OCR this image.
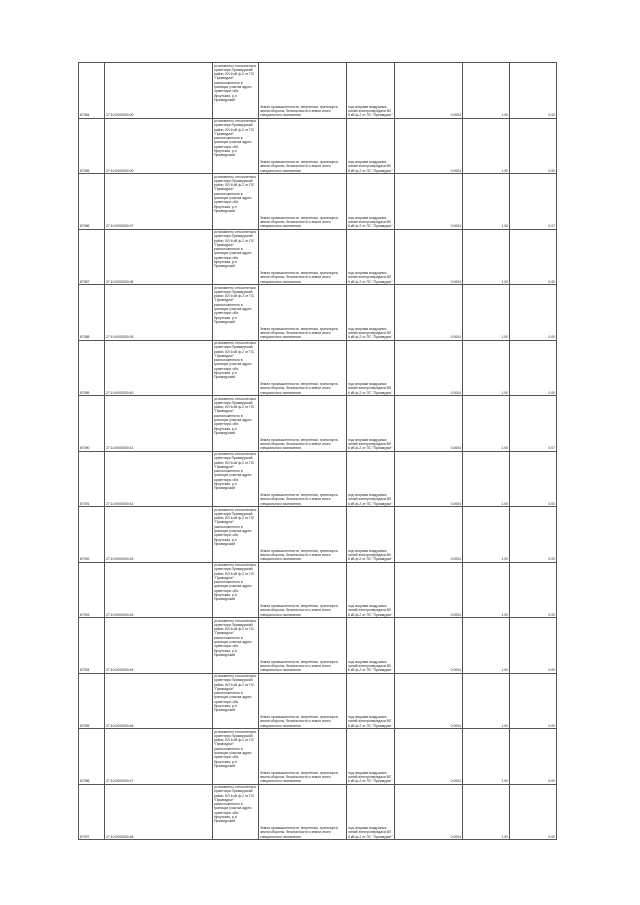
87084	27:10:0000000:00	установлено относительно ориентира Приамурский район, ВЛ 6 кВ ф-2 от ПС "Приамурье" расположенного в границах участка адрес ориентира: обл. Иркутская, р-н Приамурский	Земли промышленности, энергетики, транспорта, земли обороны, безопасности и земли иного специального назначения	под опорами воздушных линий электропередачи ВЛ 6 кВ ф-2 от ПС "Приамурье"	0.0004	1.00	0.00
87085	27:10:0000000:00	установлено относительно ориентира Приамурский район, ВЛ 6 кВ ф-2 от ПС "Приамурье" расположенного в границах участка адрес ориентира: обл. Иркутская, р-н Приамурский	Земли промышленности, энергетики, транспорта, земли обороны, безопасности и земли иного специального назначения	под опорами воздушных линий электропередачи ВЛ 6 кВ ф-2 от ПС "Приамурье"	0.0004	1.00	0.00
87086	27:10:0000000:07	установлено относительно ориентира Приамурский район, ВЛ 6 кВ ф-2 от ПС "Приамурье" расположенного в границах участка адрес ориентира: обл. Иркутская, р-н Приамурский	Земли промышленности, энергетики, транспорта, земли обороны, безопасности и земли иного специального назначения	под опорами воздушных линий электропередачи ВЛ 6 кВ ф-2 от ПС "Приамурье"	0.0004	1.00	0.07
87087	27:10:0000000:08	установлено относительно ориентира Приамурский район, ВЛ 6 кВ ф-2 от ПС "Приамурье" расположенного в границах участка адрес ориентира: обл. Иркутская, р-н Приамурский	Земли промышленности, энергетики, транспорта, земли обороны, безопасности и земли иного специального назначения	под опорами воздушных линий электропередачи ВЛ 6 кВ ф-2 от ПС "Приамурье"	0.0004	1.00	0.00
87088	27:10:0000000:09	установлено относительно ориентира Приамурский район, ВЛ 6 кВ ф-2 от ПС "Приамурье" расположенного в границах участка адрес ориентира: обл. Иркутская, р-н Приамурский	Земли промышленности, энергетики, транспорта, земли обороны, безопасности и земли иного специального назначения	под опорами воздушных линий электропередачи ВЛ 6 кВ ф-2 от ПС "Приамурье"	0.0004	1.00	0.00
87089	27:10:0000000:40	установлено относительно ориентира Приамурский район, ВЛ 6 кВ ф-2 от ПС "Приамурье" расположенного в границах участка адрес ориентира: обл. Иркутская, р-н Приамурский	Земли промышленности, энергетики, транспорта, земли обороны, безопасности и земли иного специального назначения	под опорами воздушных линий электропередачи ВЛ 6 кВ ф-2 от ПС "Приамурье"	0.0004	1.00	0.00
87090	27:10:0000000:41	установлено относительно ориентира Приамурский район, ВЛ 6 кВ ф-2 от ПС "Приамурье" расположенного в границах участка адрес ориентира: обл. Иркутская, р-н Приамурский	Земли промышленности, энергетики, транспорта, земли обороны, безопасности и земли иного специального назначения	под опорами воздушных линий электропередачи ВЛ 6 кВ ф-2 от ПС "Приамурье"	0.0004	1.00	0.07
87091	27:10:0000000:42	установлено относительно ориентира Приамурский район, ВЛ 6 кВ ф-2 от ПС "Приамурье" расположенного в границах участка адрес ориентира: обл. Иркутская, р-н Приамурский	Земли промышленности, энергетики, транспорта, земли обороны, безопасности и земли иного специального назначения	под опорами воздушных линий электропередачи ВЛ 6 кВ ф-2 от ПС "Приамурье"	0.0004	1.00	0.00
87092	27:10:0000000:43	установлено относительно ориентира Приамурский район, ВЛ 6 кВ ф-2 от ПС "Приамурье" расположенного в границах участка адрес ориентира: обл. Иркутская, р-н Приамурский	Земли промышленности, энергетики, транспорта, земли обороны, безопасности и земли иного специального назначения	под опорами воздушных линий электропередачи ВЛ 6 кВ ф-2 от ПС "Приамурье"	0.0004	1.00	0.00
87093	27:10:0000000:44	установлено относительно ориентира Приамурский район, ВЛ 6 кВ ф-2 от ПС "Приамурье" расположенного в границах участка адрес ориентира: обл. Иркутская, р-н Приамурский	Земли промышленности, энергетики, транспорта, земли обороны, безопасности и земли иного специального назначения	под опорами воздушных линий электропередачи ВЛ 6 кВ ф-2 от ПС "Приамурье"	0.0004	1.00	0.00
87094	27:10:0000000:45	установлено относительно ориентира Приамурский район, ВЛ 6 кВ ф-2 от ПС "Приамурье" расположенного в границах участка адрес ориентира: обл. Иркутская, р-н Приамурский	Земли промышленности, энергетики, транспорта, земли обороны, безопасности и земли иного специального назначения	под опорами воздушных линий электропередачи ВЛ 6 кВ ф-2 от ПС "Приамурье"	0.0004	1.00	0.00
87095	27:10:0000000:46	установлено относительно ориентира Приамурский район, ВЛ 6 кВ ф-2 от ПС "Приамурье" расположенного в границах участка адрес ориентира: обл. Иркутская, р-н Приамурский	Земли промышленности, энергетики, транспорта, земли обороны, безопасности и земли иного специального назначения	под опорами воздушных линий электропередачи ВЛ 6 кВ ф-2 от ПС "Приамурье"	0.0004	1.00	0.00
87096	27:10:0000000:47	установлено относительно ориентира Приамурский район, ВЛ 6 кВ ф-2 от ПС "Приамурье" расположенного в границах участка адрес ориентира: обл. Иркутская, р-н Приамурский	Земли промышленности, энергетики, транспорта, земли обороны, безопасности и земли иного специального назначения	под опорами воздушных линий электропередачи ВЛ 6 кВ ф-2 от ПС "Приамурье"	0.0004	1.00	0.00
87097	27:10:0000000:48	установлено относительно ориентира Приамурский район, ВЛ 6 кВ ф-2 от ПС "Приамурье" расположенного в границах участка адрес ориентира: обл. Иркутская, р-н Приамурский	Земли промышленности, энергетики, транспорта, земли обороны, безопасности и земли иного специального назначения	под опорами воздушных линий электропередачи ВЛ 6 кВ ф-2 от ПС "Приамурье"	0.0004	1.00	0.00
